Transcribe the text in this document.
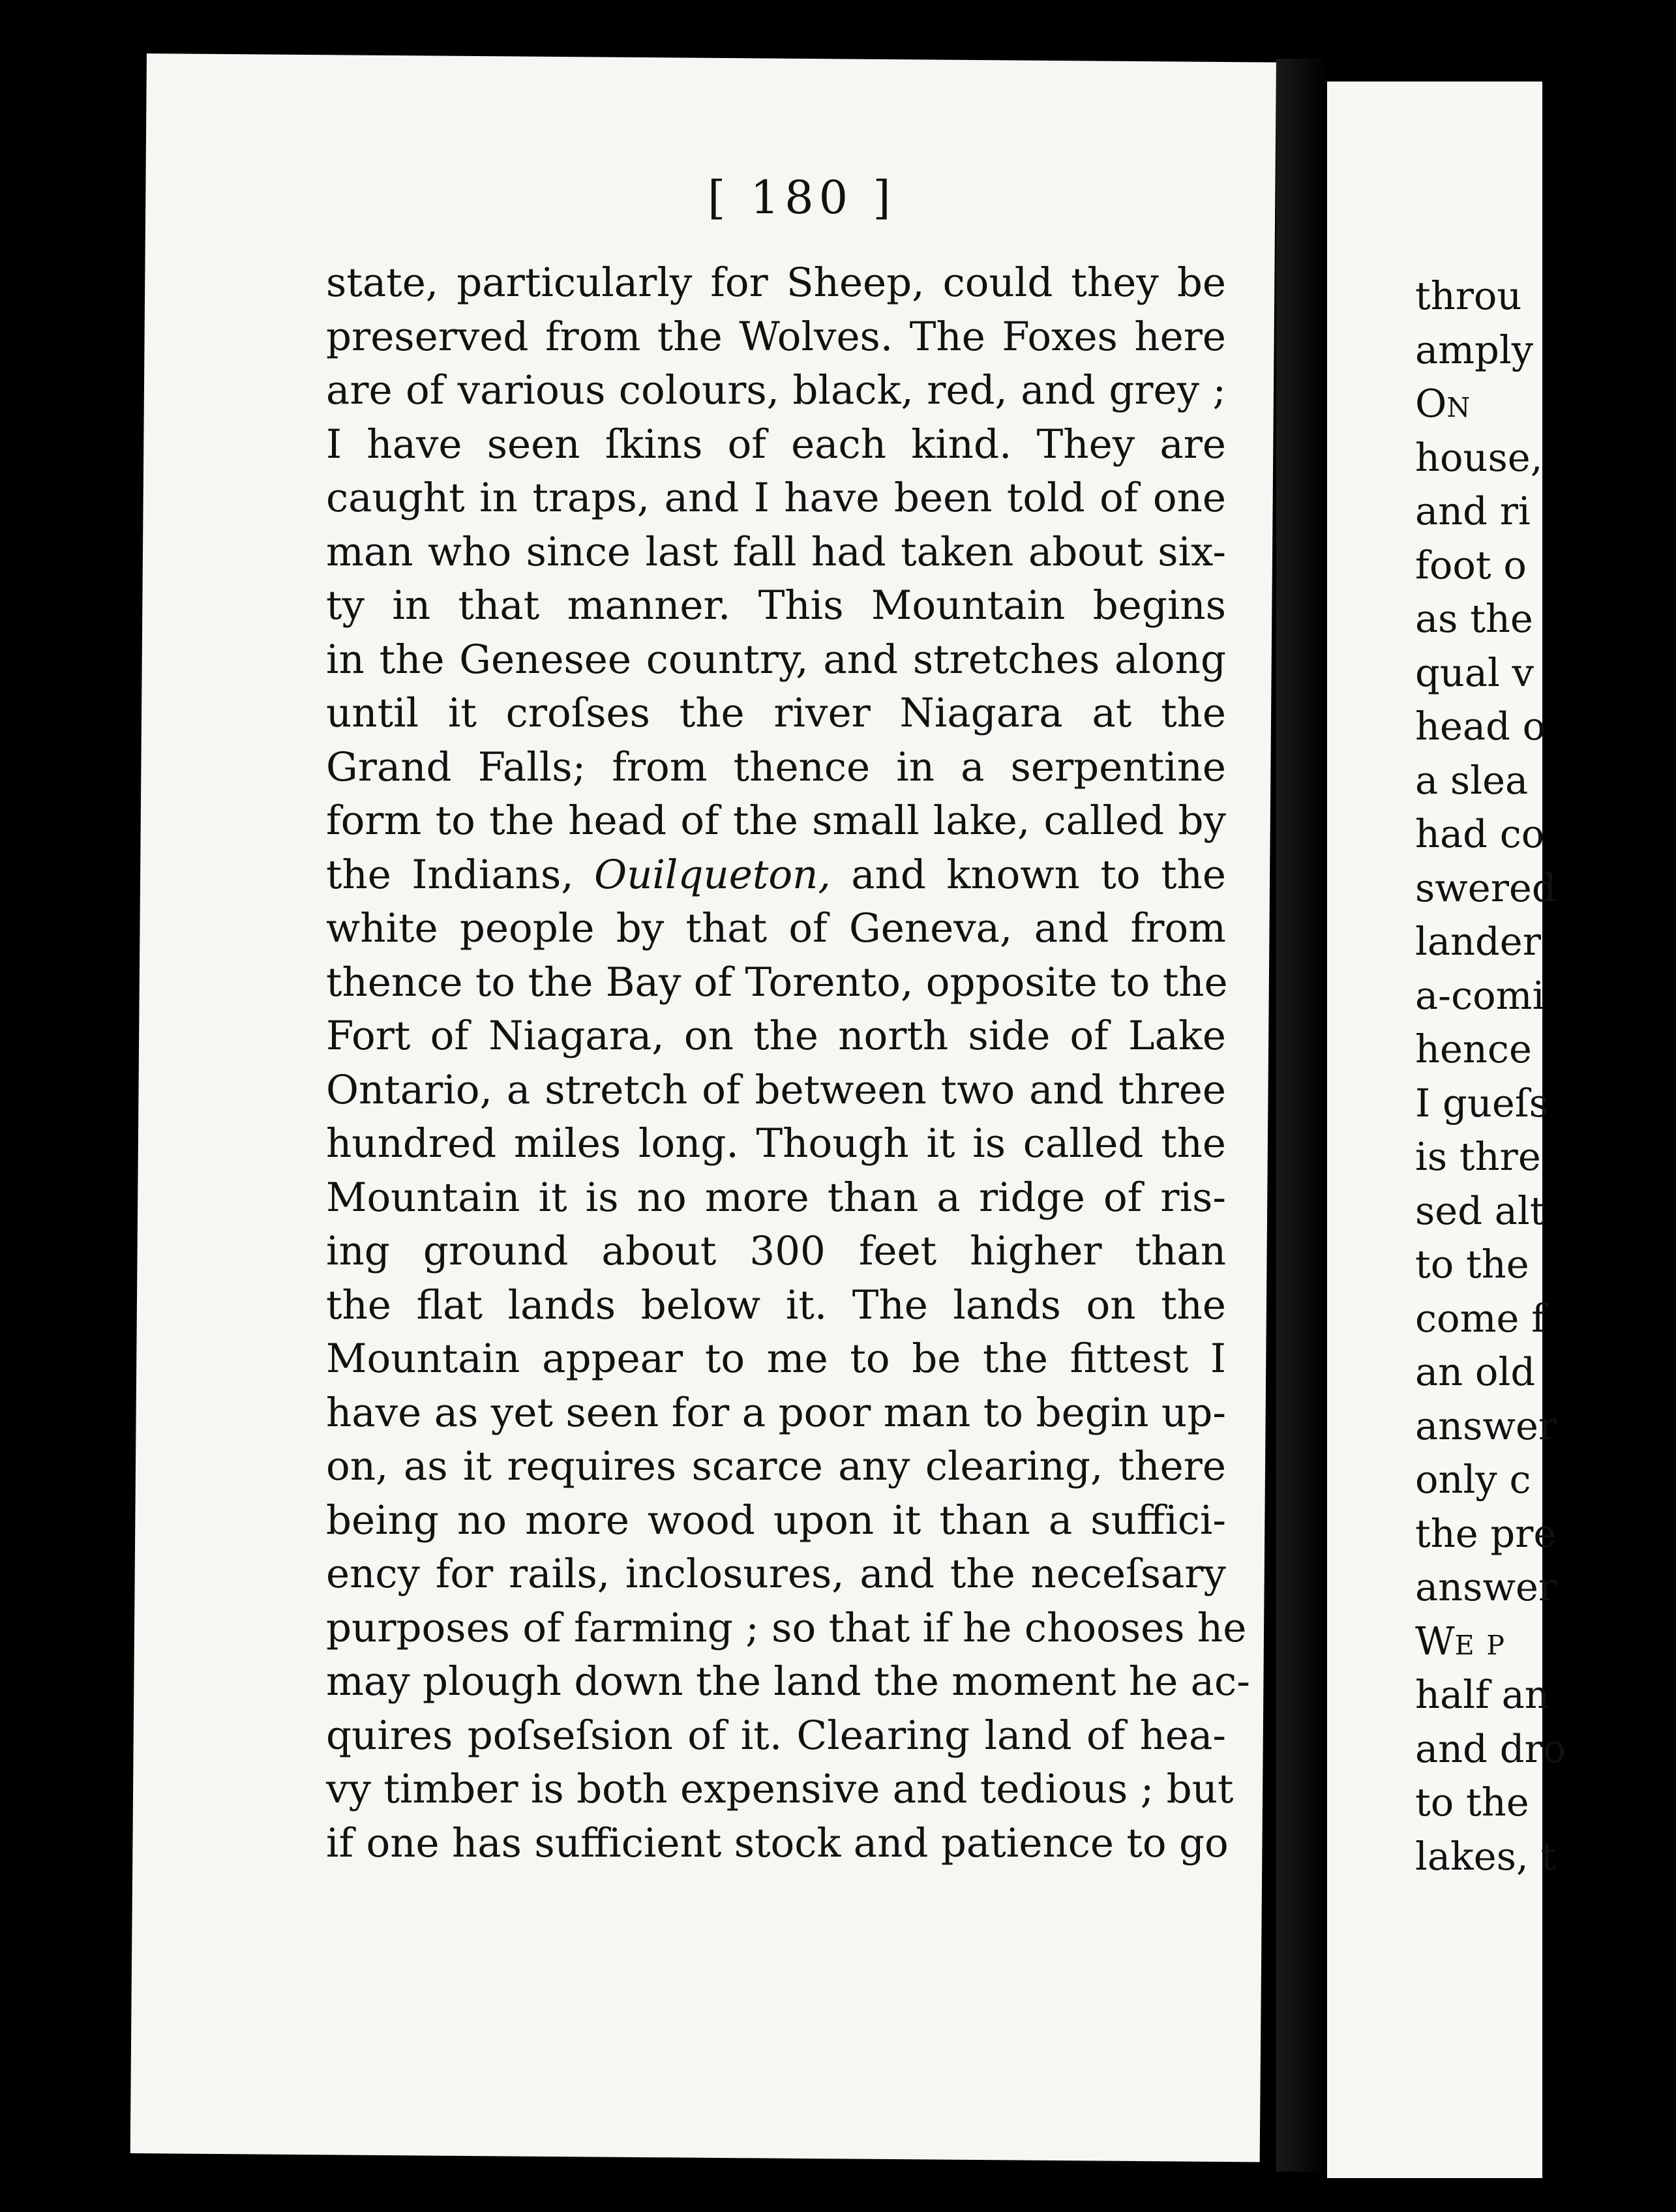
[ 180 ]
state, particularly for Sheep, could they be
preserved from the Wolves. The Foxes here
are of various colours, black, red, and grey ;
I have seen ſkins of each kind. They are
caught in traps, and I have been told of one
man who since last fall had taken about six-
ty in that manner. This Mountain begins
in the Genesee country, and stretches along
until it croſses the river Niagara at the
Grand Falls; from thence in a serpentine
form to the head of the small lake, called by
the Indians, Ouilqueton, and known to the
white people by that of Geneva, and from
thence to the Bay of Torento, opposite to the
Fort of Niagara, on the north side of Lake
Ontario, a stretch of between two and three
hundred miles long. Though it is called the
Mountain it is no more than a ridge of ris-
ing ground about 300 feet higher than
the flat lands below it. The lands on the
Mountain appear to me to be the fittest I
have as yet seen for a poor man to begin up-
on, as it requires scarce any clearing, there
being no more wood upon it than a suffici-
ency for rails, inclosures, and the neceſsary
purposes of farming ; so that if he chooses he
may plough down the land the moment he ac-
quires poſseſsion of it. Clearing land of hea-
vy timber is both expensive and tedious ; but
if one has sufficient stock and patience to go
throu
amply
On
house,
and ri
foot o
as the
qual v
head o
a slea
had co
swered
lander
a-comi
hence
I gueſs
is thre
sed alt
to the
come f
an old
answer
only c
the pre
answer
We p
half an
and dro
to the
lakes, t
